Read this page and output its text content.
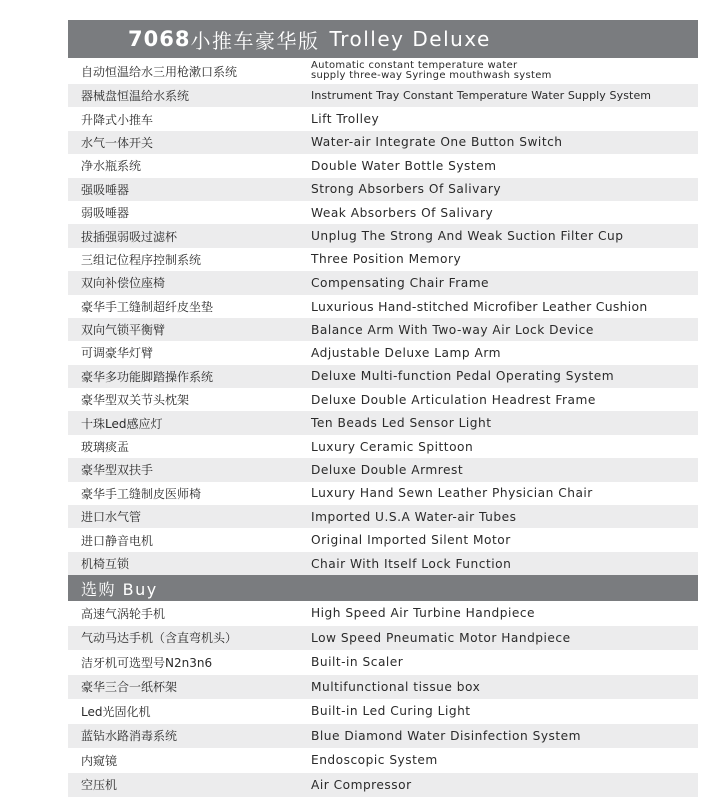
7068 小推车豪华版 Trolley Deluxe
自动恒温给水三用枪漱口系统	Automatic constant temperature water
supply three-way Syringe mouthwash system
器械盘恒温给水系统	Instrument Tray Constant Temperature Water Supply System
升降式小推车	Lift Trolley
水气一体开关	Water-air Integrate One Button Switch
净水瓶系统	Double Water Bottle System
强吸唾器	Strong Absorbers Of Salivary
弱吸唾器	Weak Absorbers Of Salivary
拔插强弱吸过滤杯	Unplug The Strong And Weak Suction Filter Cup
三组记位程序控制系统	Three Position Memory
双向补偿位座椅	Compensating Chair Frame
豪华手工缝制超纤皮坐垫	Luxurious Hand-stitched Microfiber Leather Cushion
双向气锁平衡臂	Balance Arm With Two-way Air Lock Device
可调豪华灯臂	Adjustable Deluxe Lamp Arm
豪华多功能脚踏操作系统	Deluxe Multi-function Pedal Operating System
豪华型双关节头枕架	Deluxe Double Articulation Headrest Frame
十珠Led感应灯	Ten Beads Led Sensor Light
玻璃痰盂	Luxury Ceramic Spittoon
豪华型双扶手	Deluxe Double Armrest
豪华手工缝制皮医师椅	Luxury Hand Sewn Leather Physician Chair
进口水气管	Imported U.S.A Water-air Tubes
进口静音电机	Original Imported Silent Motor
机椅互锁	Chair With Itself Lock Function
选购 Buy
高速气涡轮手机	High Speed Air Turbine Handpiece
气动马达手机（含直弯机头）	Low Speed Pneumatic Motor Handpiece
洁牙机可选型号N2n3n6	Built-in Scaler
豪华三合一纸杯架	Multifunctional tissue box
Led光固化机	Built-in Led Curing Light
蓝钻水路消毒系统	Blue Diamond Water Disinfection System
内窥镜	Endoscopic System
空压机	Air Compressor
